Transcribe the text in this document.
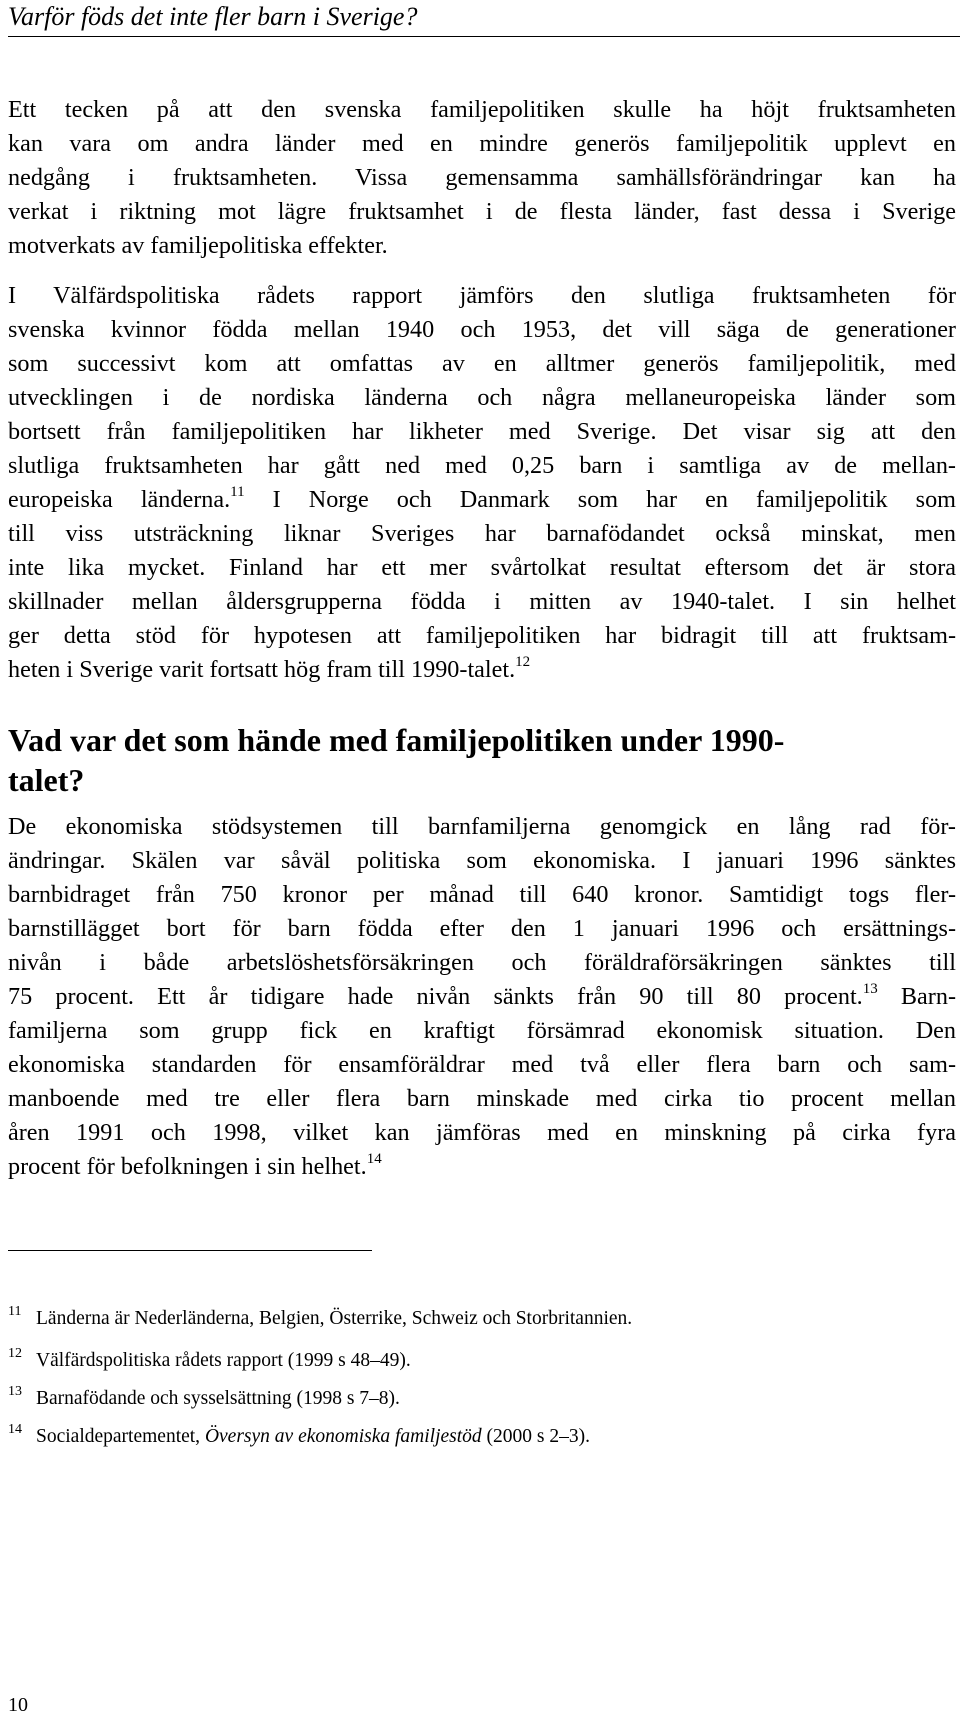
Varför föds det inte fler barn i Sverige?

Ett tecken på att den svenska familjepolitiken skulle ha höjt fruktsamheten
kan vara om andra länder med en mindre generös familjepolitik upplevt en
nedgång i fruktsamheten. Vissa gemensamma samhällsförändringar kan ha
verkat i riktning mot lägre fruktsamhet i de flesta länder, fast dessa i Sverige
motverkats av familjepolitiska effekter.

I Välfärdspolitiska rådets rapport jämförs den slutliga fruktsamheten för
svenska kvinnor födda mellan 1940 och 1953, det vill säga de generationer
som successivt kom att omfattas av en alltmer generös familjepolitik, med
utvecklingen i de nordiska länderna och några mellaneuropeiska länder som
bortsett från familjepolitiken har likheter med Sverige. Det visar sig att den
slutliga fruktsamheten har gått ned med 0,25 barn i samtliga av de mellan-
europeiska länderna.$^{11}$ I Norge och Danmark som har en familjepolitik som
till viss utsträckning liknar Sveriges har barnafödandet också minskat, men
inte lika mycket. Finland har ett mer svårtolkat resultat eftersom det är stora
skillnader mellan åldersgrupperna födda i mitten av 1940-talet. I sin helhet
ger detta stöd för hypotesen att familjepolitiken har bidragit till att fruktsam-
heten i Sverige varit fortsatt hög fram till 1990-talet.$^{12}$

Vad var det som hände med familjepolitiken under 1990-
talet?

De ekonomiska stödsystemen till barnfamiljerna genomgick en lång rad för-
ändringar. Skälen var såväl politiska som ekonomiska. I januari 1996 sänktes
barnbidraget från 750 kronor per månad till 640 kronor. Samtidigt togs fler-
barnstillägget bort för barn födda efter den 1 januari 1996 och ersättnings-
nivån i både arbetslöshetsförsäkringen och föräldraförsäkringen sänktes till
75 procent. Ett år tidigare hade nivån sänkts från 90 till 80 procent.$^{13}$ Barn-
familjerna som grupp fick en kraftigt försämrad ekonomisk situation. Den
ekonomiska standarden för ensamföräldrar med två eller flera barn och sam-
manboende med tre eller flera barn minskade med cirka tio procent mellan
åren 1991 och 1998, vilket kan jämföras med en minskning på cirka fyra
procent för befolkningen i sin helhet.$^{14}$

11 Länderna är Nederländerna, Belgien, Österrike, Schweiz och Storbritannien.
12 Välfärdspolitiska rådets rapport (1999 s 48–49).
13 Barnafödande och sysselsättning (1998 s 7–8).
14 Socialdepartementet, Översyn av ekonomiska familjestöd (2000 s 2–3).
10
